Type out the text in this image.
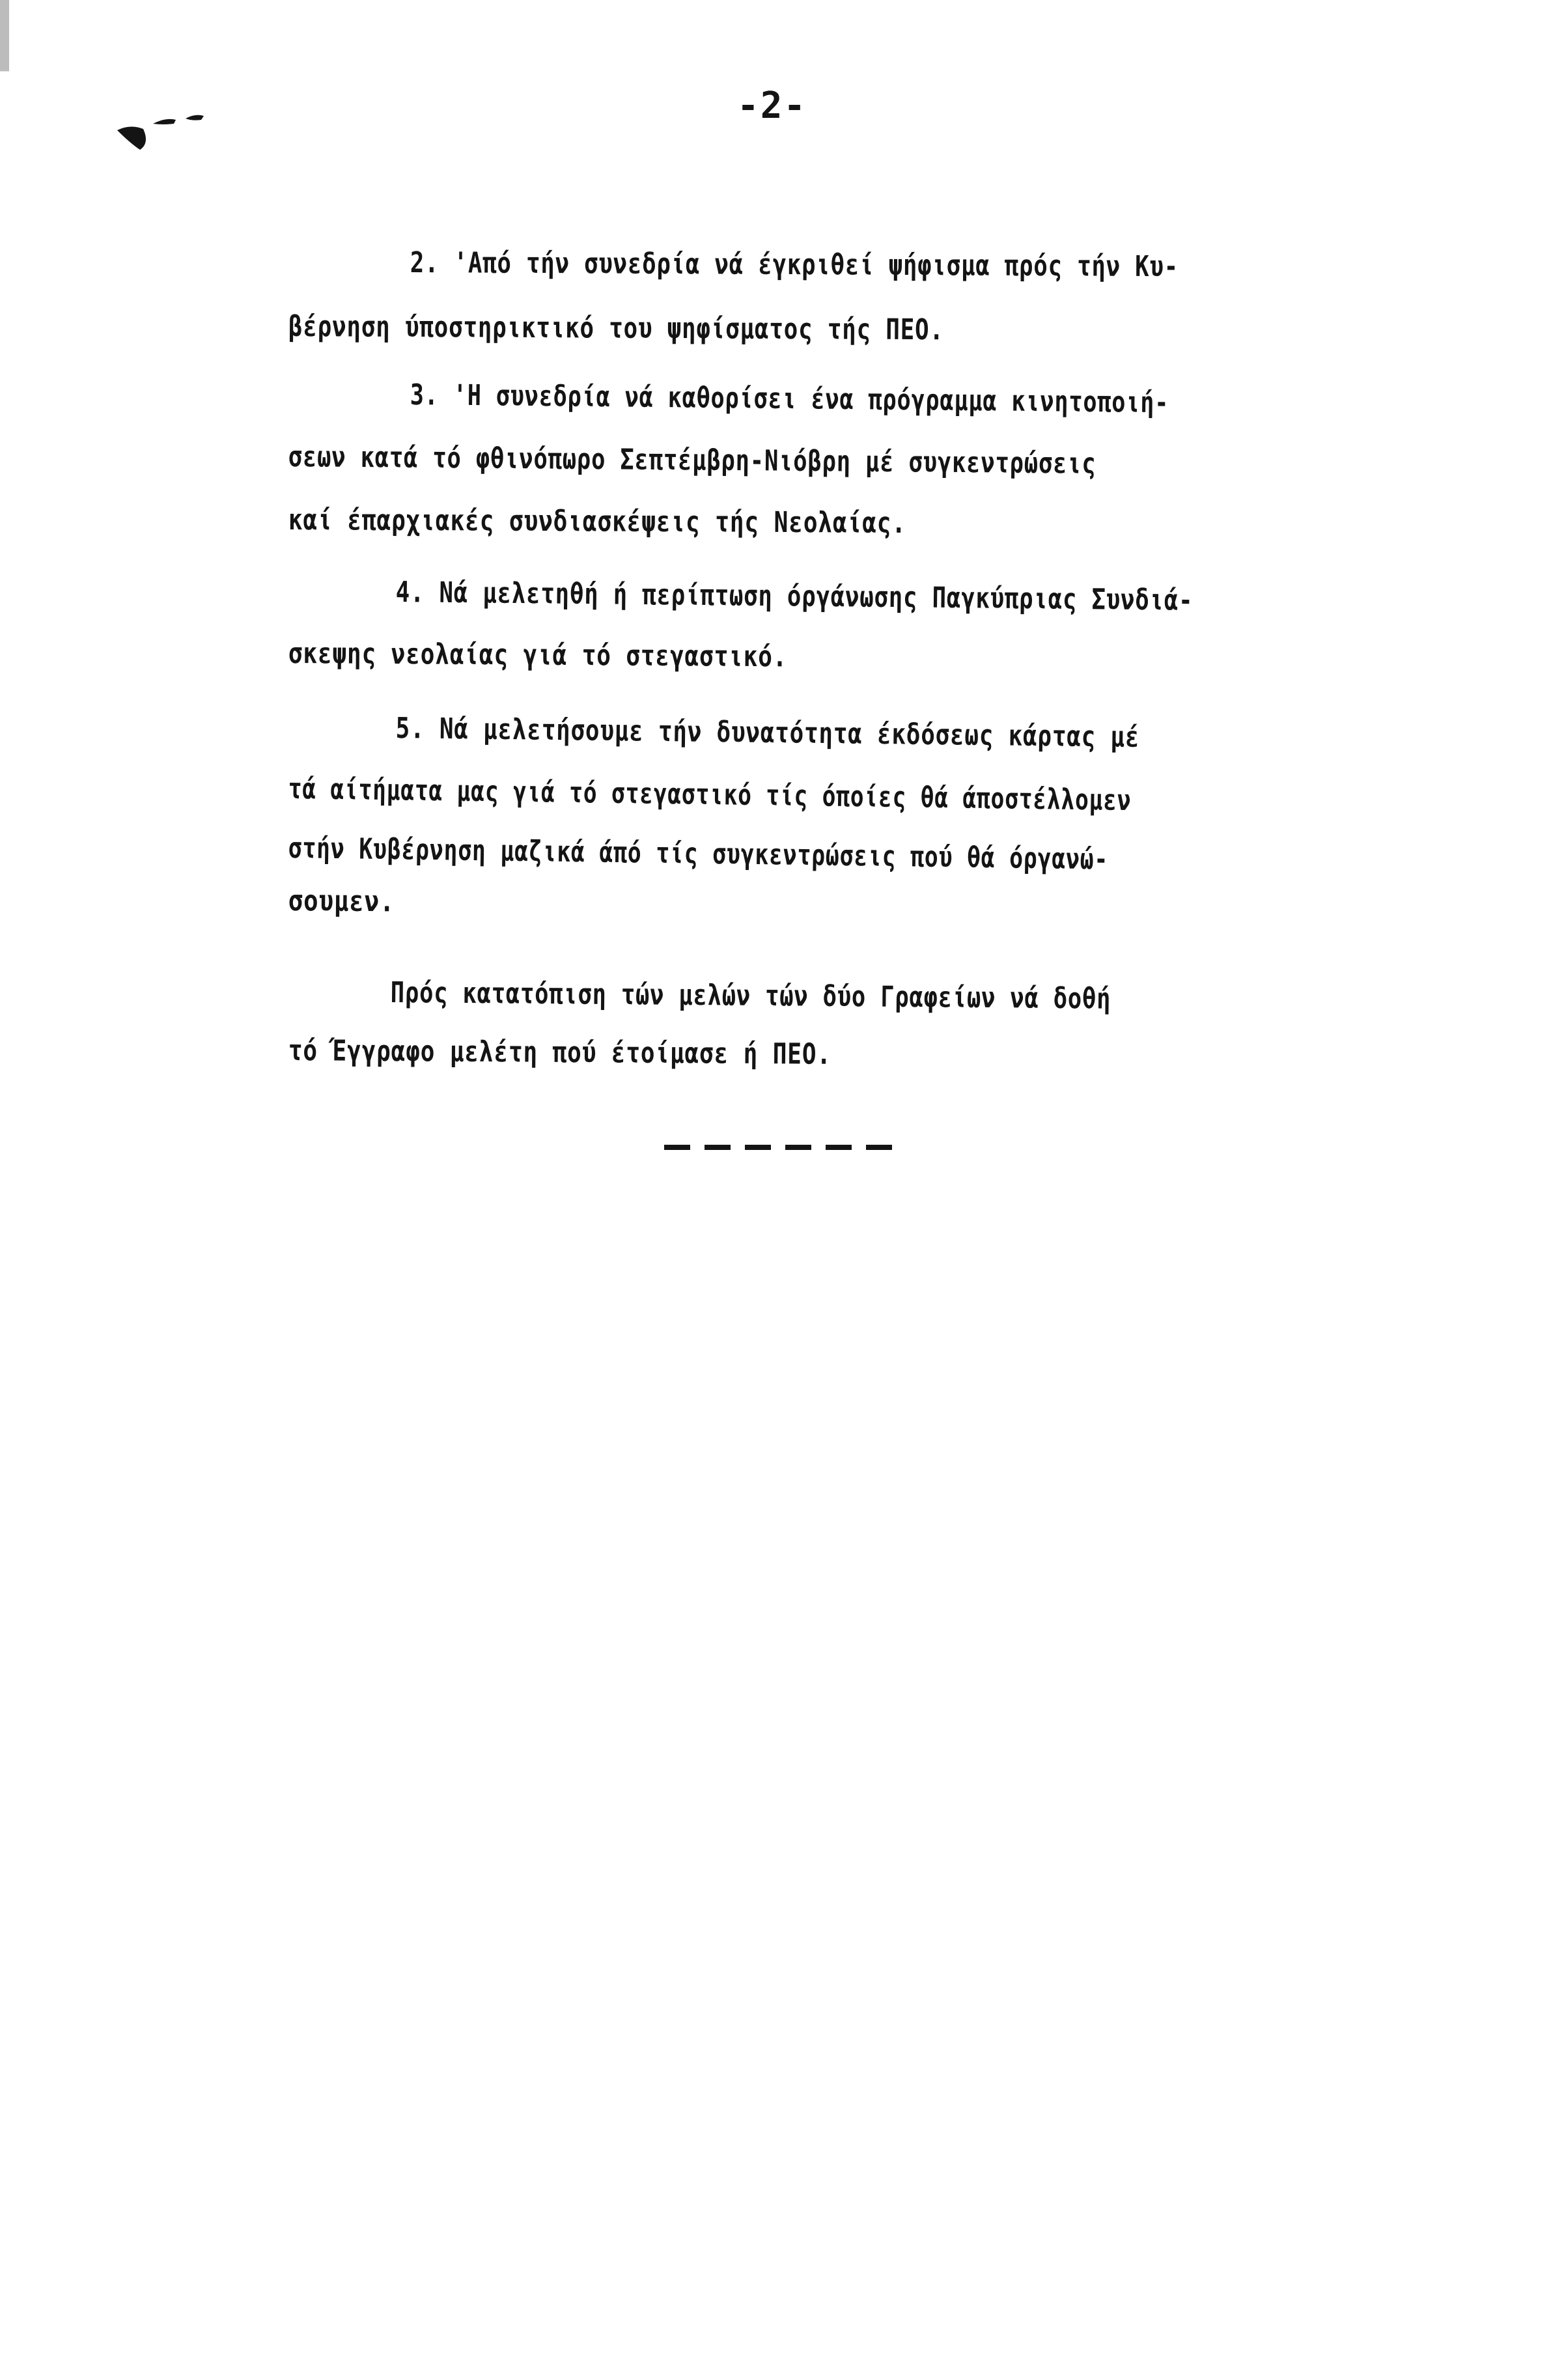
-2-
2. 'Από τήν συνεδρία νά έγκριθεί ψήφισμα πρός τήν Κυ-
βέρνηση ύποστηρικτικό του ψηφίσματος τής ΠΕΟ.
3. 'Η συνεδρία νά καθορίσει ένα πρόγραμμα κινητοποιή-
σεων κατά τό φθινόπωρο Σεπτέμβρη-Νιόβρη μέ συγκεντρώσεις
καί έπαρχιακές συνδιασκέψεις τής Νεολαίας.
4. Νά μελετηθή ή περίπτωση όργάνωσης Παγκύπριας Συνδιά-
σκεψης νεολαίας γιά τό στεγαστικό.
5. Νά μελετήσουμε τήν δυνατότητα έκδόσεως κάρτας μέ
τά αίτήματα μας γιά τό στεγαστικό τίς όποίες θά άποστέλλομεν
στήν Κυβέρνηση μαζικά άπό τίς συγκεντρώσεις πού θά όργανώ-
σουμεν.
Πρός κατατόπιση τών μελών τών δύο Γραφείων νά δοθή
τό Έγγραφο μελέτη πού έτοίμασε ή ΠΕΟ.
